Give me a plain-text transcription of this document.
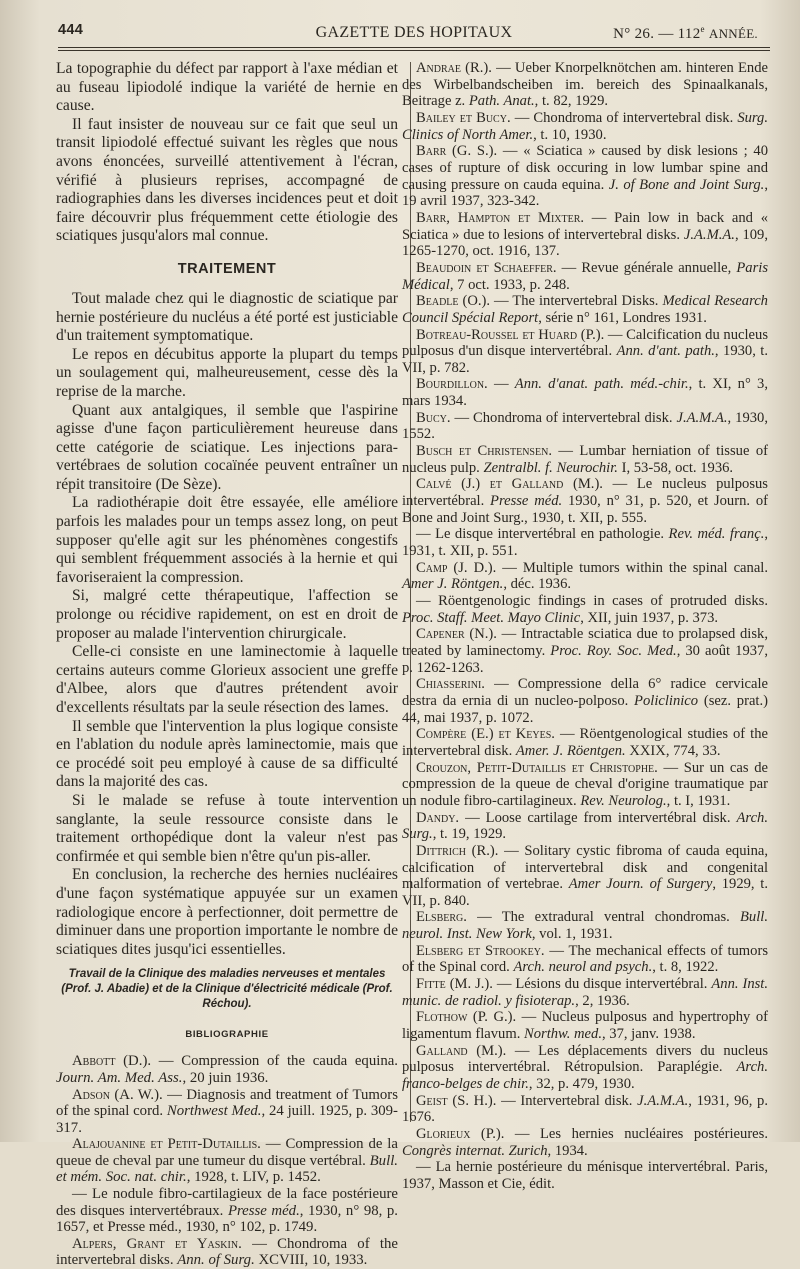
444	GAZETTE DES HOPITAUX	N° 26. — 112e ANNÉE.

La topographie du défect par rapport à l'axe médian et au fuseau lipiodolé indique la variété de hernie en cause.

Il faut insister de nouveau sur ce fait que seul un transit lipiodolé effectué suivant les règles que nous avons énoncées, surveillé attentivement à l'écran, vérifié à plusieurs reprises, accompagné de radiographies dans les diverses incidences peut et doit faire découvrir plus fréquemment cette étiologie des sciatiques jusqu'alors mal connue.

TRAITEMENT

Tout malade chez qui le diagnostic de sciatique par hernie postérieure du nucléus a été porté est justiciable d'un traitement symptomatique.

Le repos en décubitus apporte la plupart du temps un soulagement qui, malheureusement, cesse dès la reprise de la marche.

Quant aux antalgiques, il semble que l'aspirine agisse d'une façon particulièrement heureuse dans cette catégorie de sciatique. Les injections para-vertébraes de solution cocaïnée peuvent entraîner un répit transitoire (De Sèze).

La radiothérapie doit être essayée, elle améliore parfois les malades pour un temps assez long, on peut supposer qu'elle agit sur les phénomènes congestifs qui semblent fréquemment associés à la hernie et qui favoriseraient la compression.

Si, malgré cette thérapeutique, l'affection se prolonge ou récidive rapidement, on est en droit de proposer au malade l'intervention chirurgicale.

Celle-ci consiste en une laminectomie à laquelle certains auteurs comme Glorieux associent une greffe d'Albee, alors que d'autres prétendent avoir d'excellents résultats par la seule résection des lames.

Il semble que l'intervention la plus logique consiste en l'ablation du nodule après laminectomie, mais que ce procédé soit peu employé à cause de sa difficulté dans la majorité des cas.

Si le malade se refuse à toute intervention sanglante, la seule ressource consiste dans le traitement orthopédique dont la valeur n'est pas confirmée et qui semble bien n'être qu'un pis-aller.

En conclusion, la recherche des hernies nucléaires d'une façon systématique appuyée sur un examen radiologique encore à perfectionner, doit permettre de diminuer dans une proportion importante le nombre de sciatiques dites jusqu'ici essentielles.

Travail de la Clinique des maladies nerveuses et mentales (Prof. J. Abadie) et de la Clinique d'électricité médicale (Prof. Réchou).
BIBLIOGRAPHIE

Abbott (D.). — Compression of the cauda equina. Journ. Am. Med. Ass., 20 juin 1936.

Adson (A. W.). — Diagnosis and treatment of Tumors of the spinal cord. Northwest Med., 24 juill. 1925, p. 309-317.

Alajouanine et Petit-Dutaillis. — Compression de la queue de cheval par une tumeur du disque vertébral. Bull. et mém. Soc. nat. chir., 1928, t. LIV, p. 1452.

— Le nodule fibro-cartilagieux de la face postérieure des disques intervertébraux. Presse méd., 1930, n° 98, p. 1657, et Presse méd., 1930, n° 102, p. 1749.

Alpers, Grant et Yaskin. — Chondroma of the intervertebral disks. Ann. of Surg. XCVIII, 10, 1933.

Andrae (R.). — Ueber Knorpelknötchen am. hinteren Ende des Wirbelbandscheiben im. bereich des Spinaalkanals, Beitrage z. Path. Anat., t. 82, 1929.

Bailey et Bucy. — Chondroma of intervertebral disk. Surg. Clinics of North Amer., t. 10, 1930.

Barr (G. S.). — « Sciatica » caused by disk lesions ; 40 cases of rupture of disk occuring in low lumbar spine and causing pressure on cauda equina. J. of Bone and Joint Surg., 19 avril 1937, 323-342.

Barr, Hampton et Mixter. — Pain low in back and « Sciatica » due to lesions of intervertebral disks. J.A.M.A., 109, 1265-1270, oct. 1916, 137.

Beaudoin et Schaeffer. — Revue générale annuelle, Paris Médical, 7 oct. 1933, p. 248.

Beadle (O.). — The intervertebral Disks. Medical Research Council Spécial Report, série n° 161, Londres 1931.

Botreau-Roussel et Huard (P.). — Calcification du nucleus pulposus d'un disque intervertébral. Ann. d'ant. path., 1930, t. VII, p. 782.

Bourdillon. — Ann. d'anat. path. méd.-chir., t. XI, n° 3, mars 1934.

Bucy. — Chondroma of intervertebral disk. J.A.M.A., 1930, 1552.

Busch et Christensen. — Lumbar herniation of tissue of nucleus pulp. Zentralbl. f. Neurochir. I, 53-58, oct. 1936.

Calvé (J.) et Galland (M.). — Le nucleus pulposus intervertébral. Presse méd. 1930, n° 31, p. 520, et Journ. of Bone and Joint Surg., 1930, t. XII, p. 555.

— Le disque intervertébral en pathologie. Rev. méd. franç., 1931, t. XII, p. 551.

Camp (J. D.). — Multiple tumors within the spinal canal. Amer J. Röntgen., déc. 1936.

— Röentgenologic findings in cases of protruded disks. Proc. Staff. Meet. Mayo Clinic, XII, juin 1937, p. 373.

Capener (N.). — Intractable sciatica due to prolapsed disk, treated by laminectomy. Proc. Roy. Soc. Med., 30 août 1937, p. 1262-1263.

Chiasserini. — Compressione della 6° radice cervicale destra da ernia di un nucleo-polposo. Policlinico (sez. prat.) 44, mai 1937, p. 1072.

Compère (E.) et Keyes. — Röentgenological studies of the intervertebral disk. Amer. J. Röentgen. XXIX, 774, 33.

Crouzon, Petit-Dutaillis et Christophe. — Sur un cas de compression de la queue de cheval d'origine traumatique par un nodule fibro-cartilagineux. Rev. Neurolog., t. I, 1931.

Dandy. — Loose cartilage from intervertébral disk. Arch. Surg., t. 19, 1929.

Dittrich (R.). — Solitary cystic fibroma of cauda equina, calcification of intervertebral disk and congenital malformation of vertebrae. Amer Journ. of Surgery, 1929, t. VII, p. 840.

Elsberg. — The extradural ventral chondromas. Bull. neurol. Inst. New York, vol. 1, 1931.

Elsberg et Strookey. — The mechanical effects of tumors of the Spinal cord. Arch. neurol and psych., t. 8, 1922.

Fitte (M. J.). — Lésions du disque intervertébral. Ann. Inst. munic. de radiol. y fisioterap., 2, 1936.

Flothow (P. G.). — Nucleus pulposus and hypertrophy of ligamentum flavum. Northw. med., 37, janv. 1938.

Galland (M.). — Les déplacements divers du nucleus pulposus intervertébral. Rétropulsion. Paraplégie. Arch. franco-belges de chir., 32, p. 479, 1930.

Geist (S. H.). — Intervertebral disk. J.A.M.A., 1931, 96, p. 1676.

Glorieux (P.). — Les hernies nucléaires postérieures. Congrès internat. Zurich, 1934.

— La hernie postérieure du ménisque intervertébral. Paris, 1937, Masson et Cie, édit.
